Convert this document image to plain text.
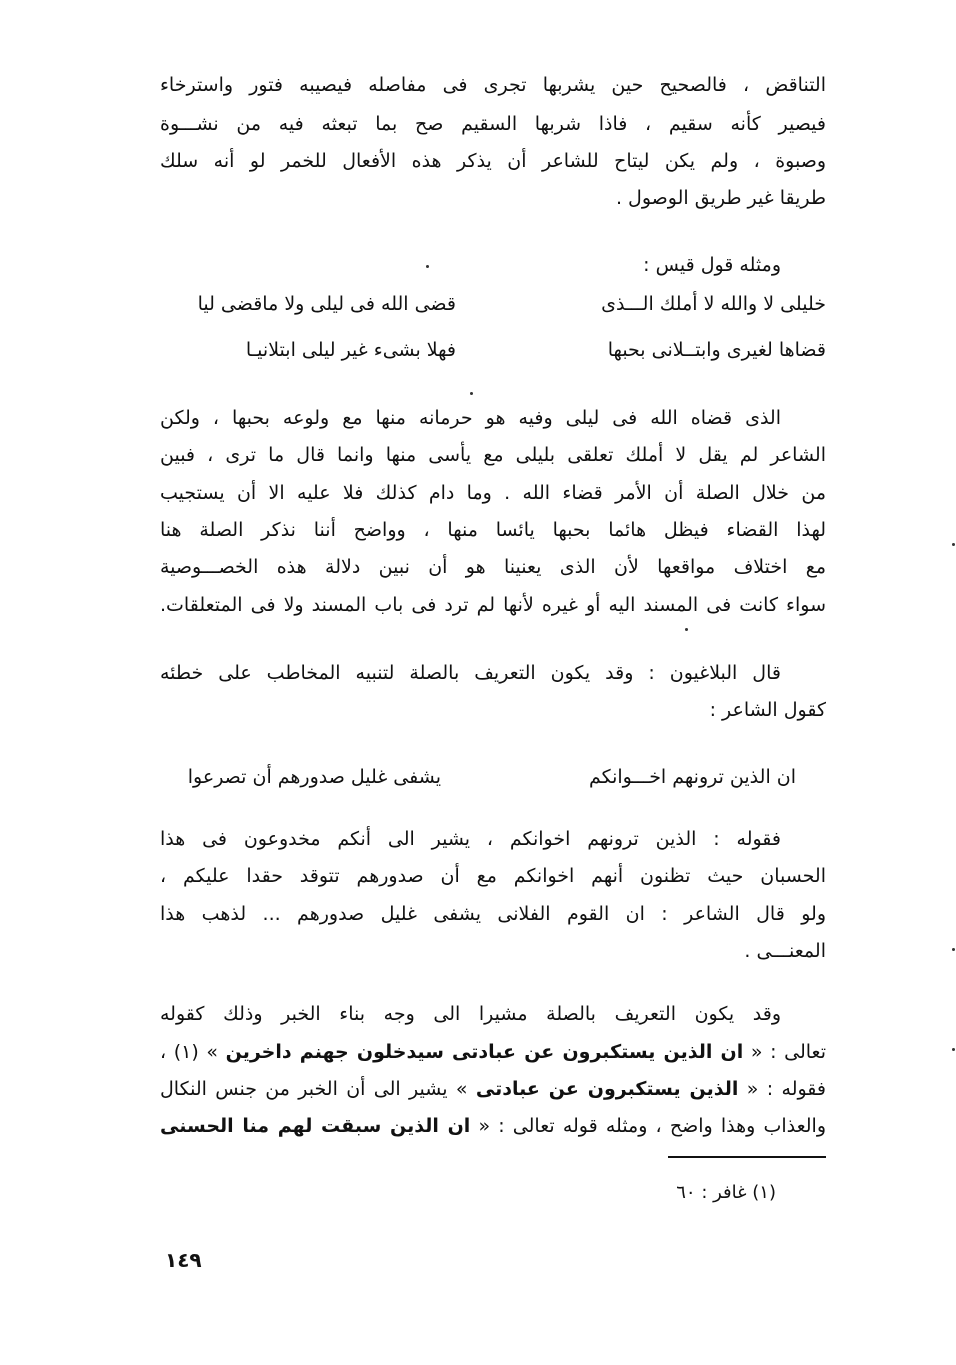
التناقض ، فالصحيح حين يشربها تجرى فى مفاصله فيصيبه فتور واسترخاء
فيصير كأنه سقيم ، فاذا شربها السقيم صح بما تبعثه فيه من نشـــوة
وصبوة ، ولم يكن ليتاح للشاعر أن يذكر هذه الأفعال للخمر لو أنه سلك
طريقا غير طريق الوصول .
ومثله قول قيس :
خليلى لا والله لا أملك الـــذى
قضى الله فى ليلى ولا ماقضى ليا
قضاها لغيرى وابتــلانى بحبها
فهلا بشىء غير ليلى ابتلانيـا
الذى قضاه الله فى ليلى وفيه هو حرمانه منها مع ولوعه بحبها ، ولكن
الشاعر لم يقل لا أملك تعلقى بليلى مع يأسى منها وانما قال ما ترى ، فبين
من خلال الصلة أن الأمر قضاء الله . وما دام كذلك فلا عليه الا أن يستجيب
لهذا القضاء فيظل هائما بحبها يائسا منها ، وواضح أننا نذكر الصلة هنا
مع اختلاف مواقعها لأن الذى يعنينا هو أن نبين دلالة هذه الخصـــوصية
سواء كانت فى المسند اليه أو غيره لأنها لم ترد فى باب المسند ولا فى المتعلقات.
قال البلاغيون : وقد يكون التعريف بالصلة لتنبيه المخاطب على خطئه
كقول الشاعر :
ان الذين ترونهم اخـــوانكم
يشفى غليل صدورهم أن تصرعوا
فقوله : الذين ترونهم اخوانكم ، يشير الى أنكم مخدوعون فى هذا
الحسبان حيث تظنون أنهم اخوانكم مع أن صدورهم تتوقد حقدا عليكم ،
ولو قال الشاعر : ان القوم الفلانى يشفى غليل صدورهم ... لذهب هذا
المعنـــى .
وقد يكون التعريف بالصلة مشيرا الى وجه بناء الخبر وذلك كقوله
تعالى : « ان الذين يستكبرون عن عبادتى سيدخلون جهنم داخرين » (١) ،
فقوله : « الذين يستكبرون عن عبادتى » يشير الى أن الخبر من جنس النكال
والعذاب وهذا واضح ، ومثله قوله تعالى : « ان الذين سبقت لهم منا الحسنى
(١) غافر : ٦٠
١٤٩
